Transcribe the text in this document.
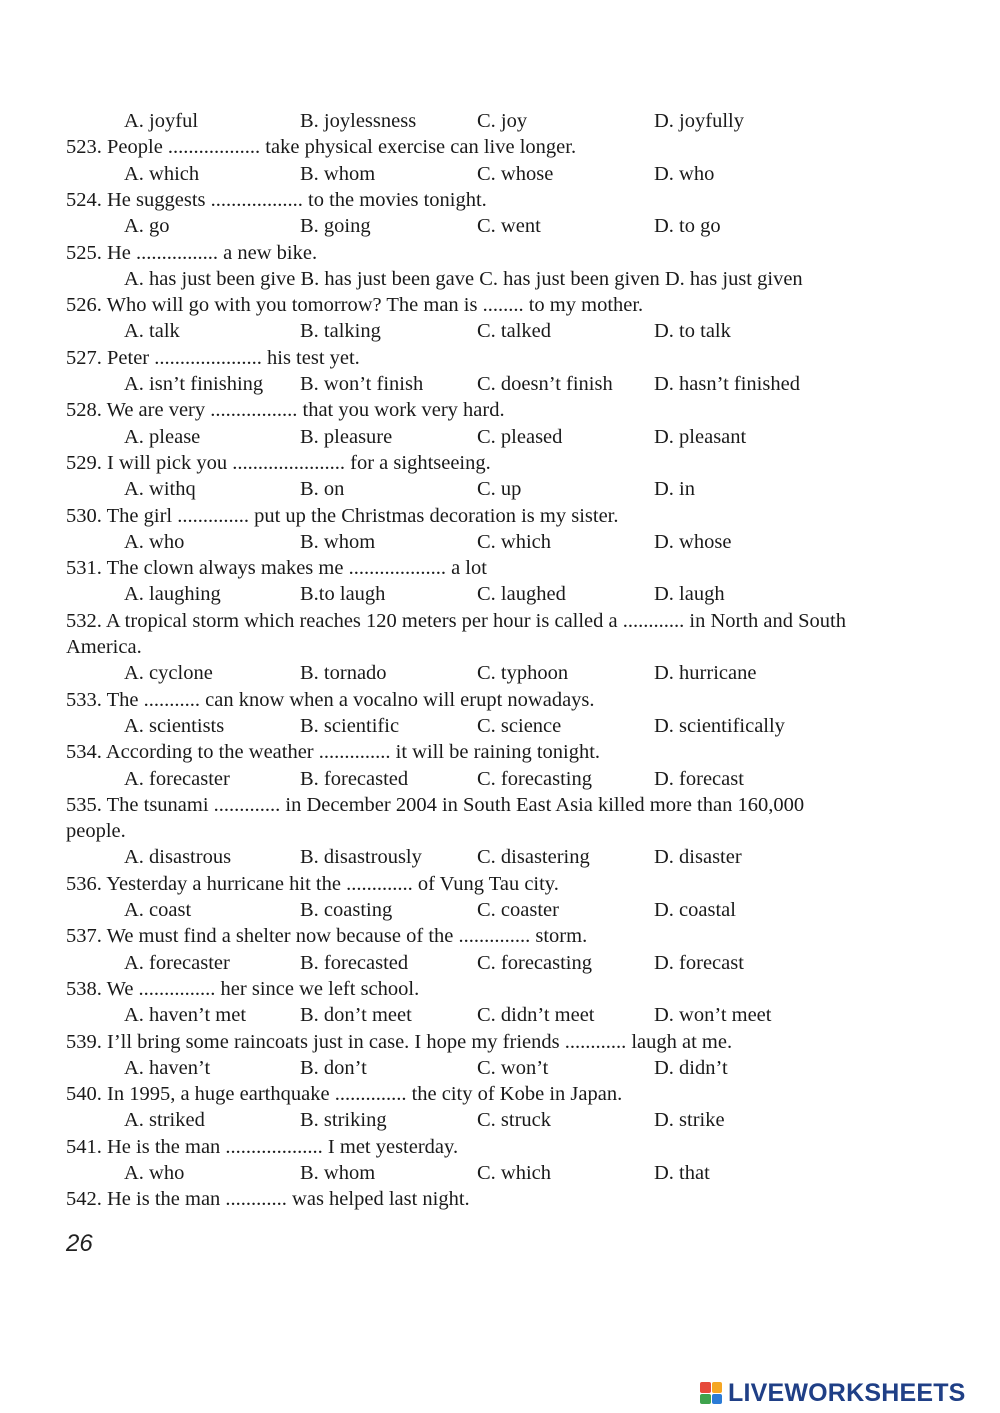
A. joyful	B. joylessness	C. joy	D. joyfully
523. People .................. take physical exercise can live longer.
A. which	B. whom	C. whose	D. who
524. He suggests .................. to the movies tonight.
A. go	B. going	C. went	D. to go
525. He ................ a new bike.
A. has just been give B. has just been gave C. has just been given D. has just given
526. Who will go with you tomorrow? The man is ........ to my mother.
A. talk	B. talking	C. talked	D. to talk
527. Peter ..................... his test yet.
A. isn’t finishing B. won’t finish	C. doesn’t finish D. hasn’t finished
528. We are very ................. that you work very hard.
A. please	B. pleasure	C. pleased	D. pleasant
529. I will pick you ...................... for a sightseeing.
A. withq	B. on	C. up	D. in
530. The girl .............. put up the Christmas decoration is my sister.
A. who	B. whom	C. which	D. whose
531. The clown always makes me ................... a lot
A. laughing	B.to laugh	C. laughed	D. laugh
532. A tropical storm which reaches 120 meters per hour is called a ............ in North and South
America.
A. cyclone	B. tornado	C. typhoon	D. hurricane
533. The ........... can know when a vocalno will erupt nowadays.
A. scientists	B. scientific	C. science	D. scientifically
534. According to the weather .............. it will be raining tonight.
A. forecaster	B. forecasted	C. forecasting	D. forecast
535. The tsunami ............. in December 2004 in South East Asia killed more than 160,000
people.
A. disastrous	B. disastrously	C. disastering	D. disaster
536. Yesterday a hurricane hit the ............. of Vung Tau city.
A. coast	B. coasting	C. coaster	D. coastal
537. We must find a shelter now because of the .............. storm.
A. forecaster	B. forecasted	C. forecasting	D. forecast
538. We ............... her since we left school.
A. haven’t met	B. don’t meet	C. didn’t meet	D. won’t meet
539. I’ll bring some raincoats just in case. I hope my friends ............ laugh at me.
A. haven’t	B. don’t	C. won’t	D. didn’t
540. In 1995, a huge earthquake .............. the city of Kobe in Japan.
A. striked	B. striking	C. struck	D. strike
541. He is the man ................... I met yesterday.
A. who	B. whom	C. which	D. that
542. He is the man ............ was helped last night.
26
LIVEWORKSHEETS
